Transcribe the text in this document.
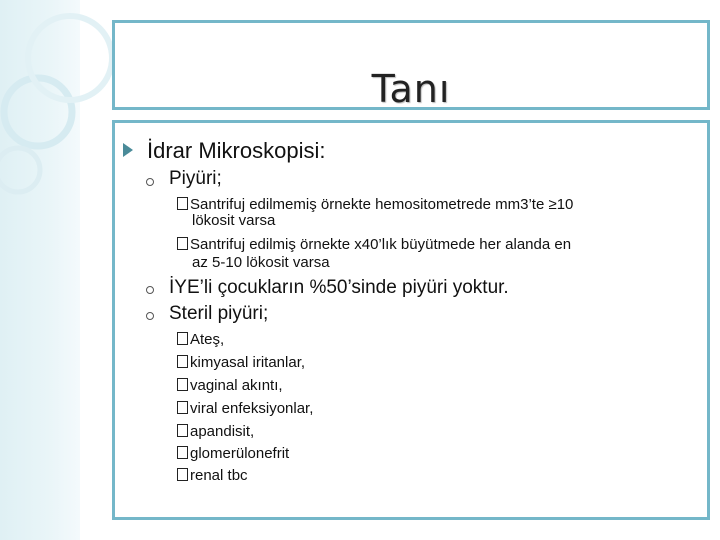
Tanı
İdrar Mikroskopisi:
Piyüri;
Santrifuj edilmemiş örnekte hemositometrede mm3’te ≥10
lökosit varsa
Santrifuj edilmiş örnekte x40’lık büyütmede her alanda en
az 5-10 lökosit varsa
İYE’li çocukların %50’sinde piyüri yoktur.
Steril piyüri;
Ateş,
kimyasal iritanlar,
vaginal akıntı,
viral enfeksiyonlar,
apandisit,
glomerülonefrit
renal tbc
